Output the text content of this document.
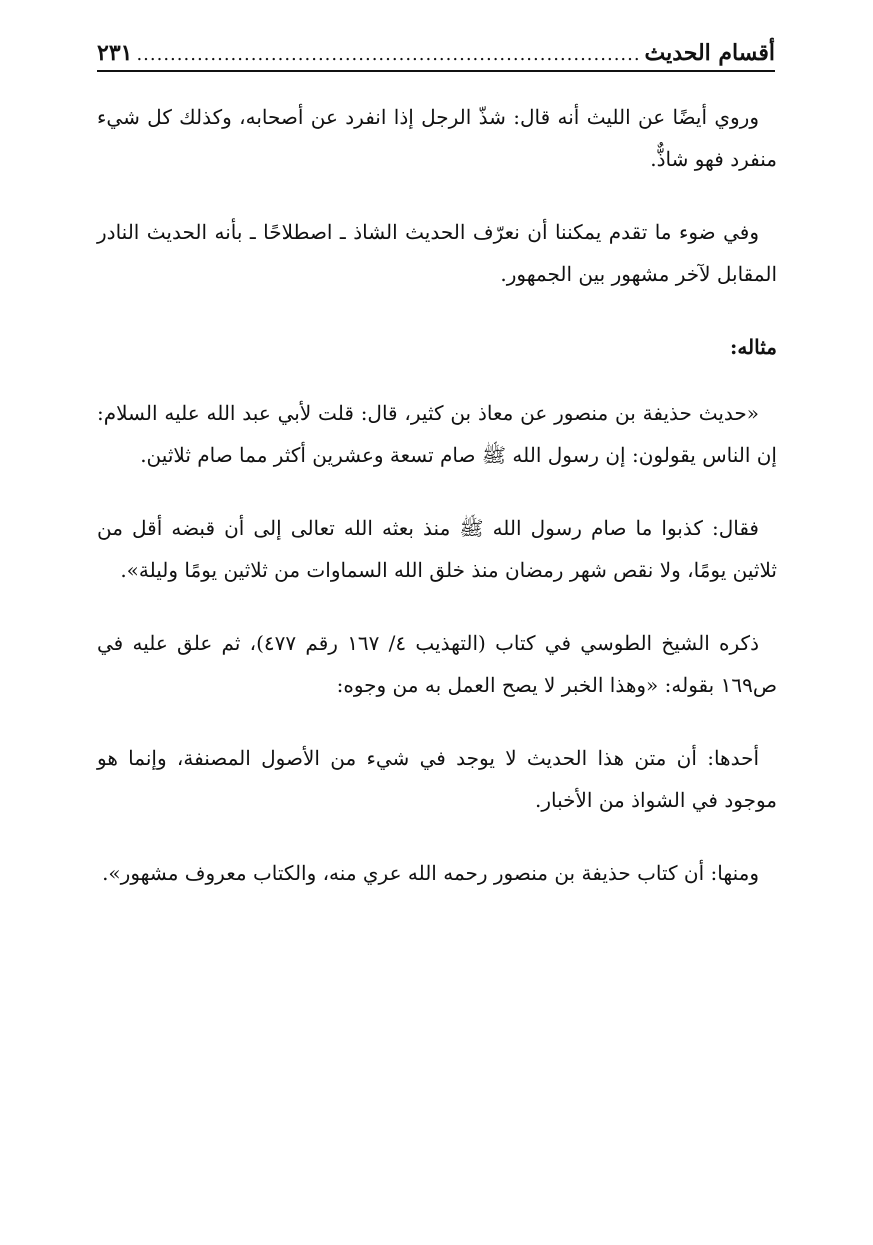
أقسام الحديث
.....
٢٣١

وروي أيضًا عن الليث أنه قال: شذّ الرجل إذا انفرد عن أصحابه، وكذلك كل شيء منفرد فهو شاذٌّ.

وفي ضوء ما تقدم يمكننا أن نعرّف الحديث الشاذ ـ اصطلاحًا ـ بأنه الحديث النادر المقابل لآخر مشهور بين الجمهور.

مثاله:

«حديث حذيفة بن منصور عن معاذ بن كثير، قال: قلت لأبي عبد الله عليه السلام: إن الناس يقولون: إن رسول الله ﷺ صام تسعة وعشرين أكثر مما صام ثلاثين.

فقال: كذبوا ما صام رسول الله ﷺ منذ بعثه الله تعالى إلى أن قبضه أقل من ثلاثين يومًا، ولا نقص شهر رمضان منذ خلق الله السماوات من ثلاثين يومًا وليلة».

ذكره الشيخ الطوسي في كتاب (التهذيب ٤/ ١٦٧ رقم ٤٧٧)، ثم علق عليه في ص١٦٩ بقوله: «وهذا الخبر لا يصح العمل به من وجوه:

أحدها: أن متن هذا الحديث لا يوجد في شيء من الأصول المصنفة، وإنما هو موجود في الشواذ من الأخبار.

ومنها: أن كتاب حذيفة بن منصور رحمه الله عري منه، والكتاب معروف مشهور».
